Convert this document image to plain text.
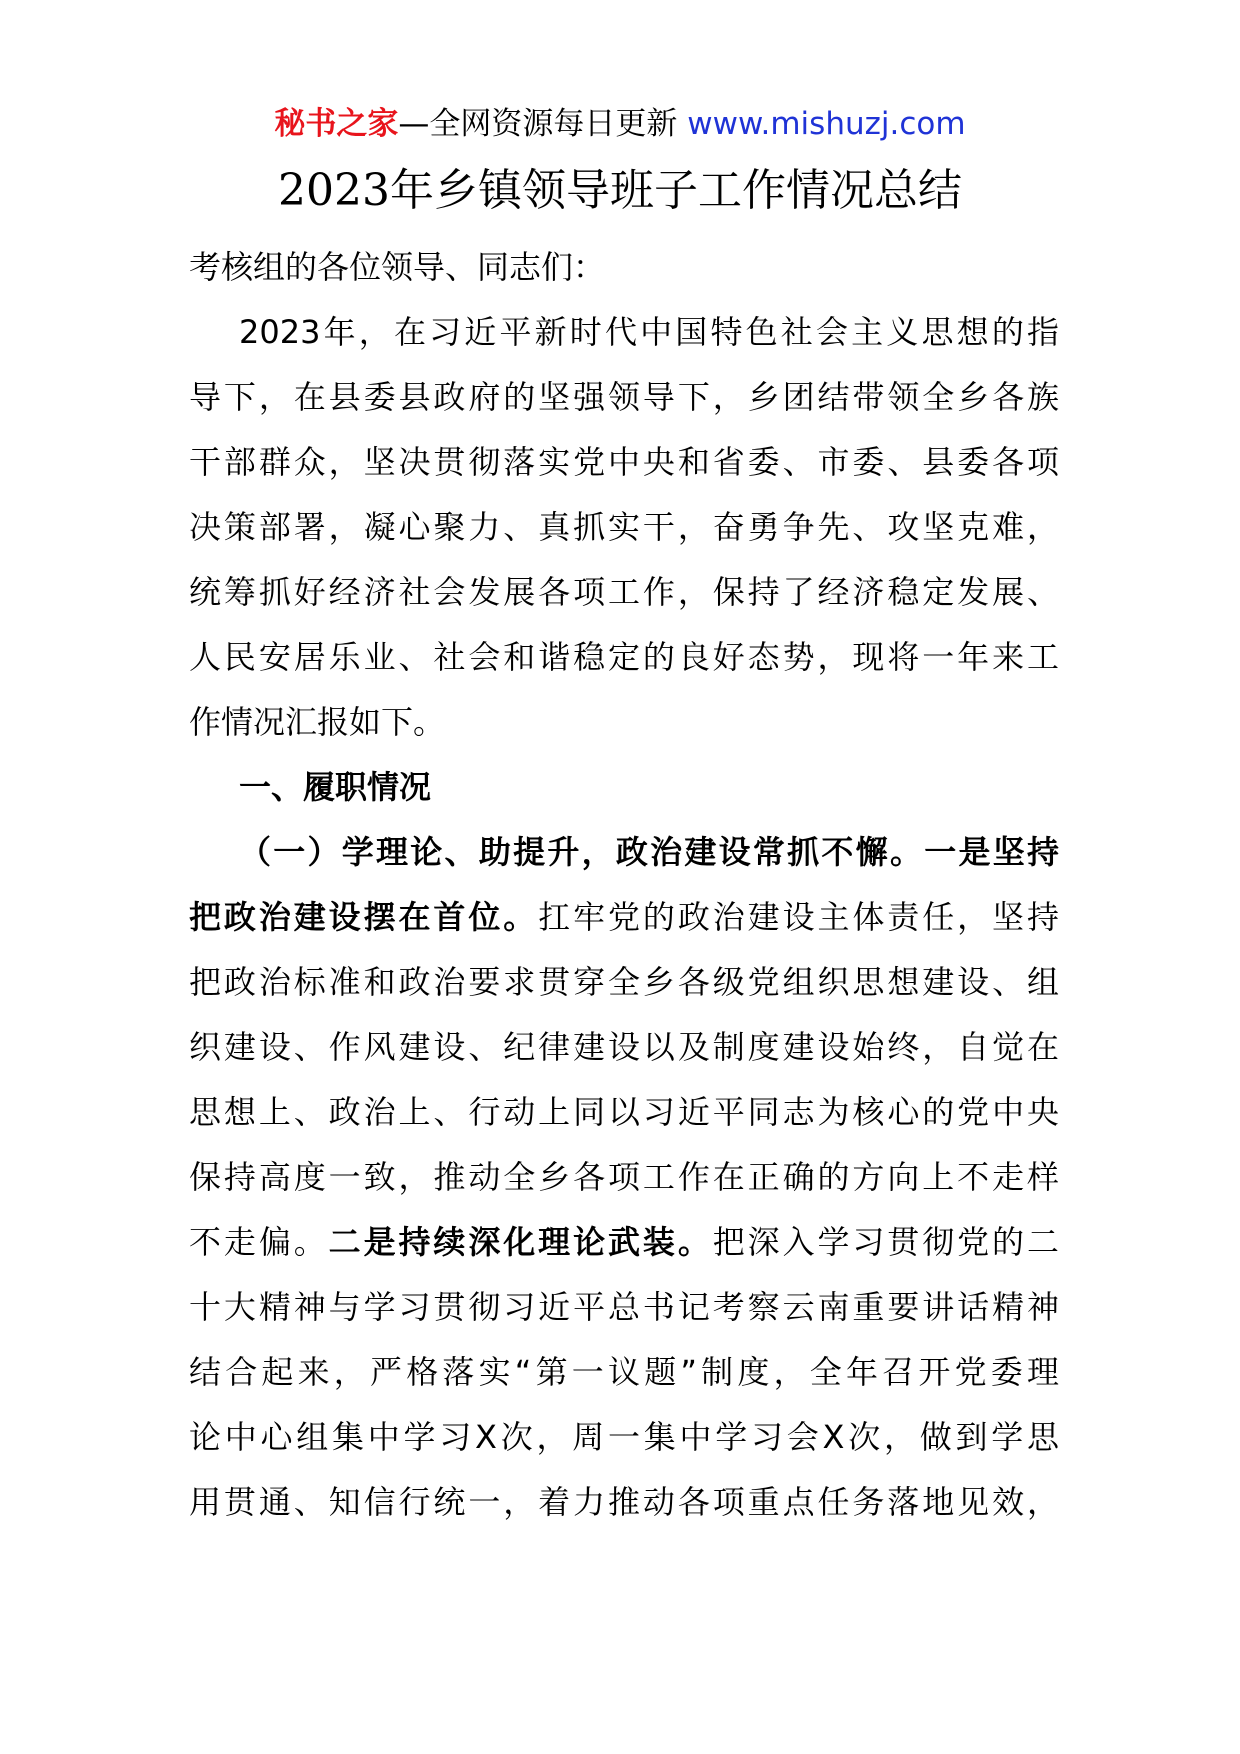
秘书之家—全网资源每日更新 www.mishuzj.com
2023年乡镇领导班子工作情况总结
考核组的各位领导、同志们：
2023年，在习近平新时代中国特色社会主义思想的指
导下，在县委县政府的坚强领导下，乡团结带领全乡各族
干部群众，坚决贯彻落实党中央和省委、市委、县委各项
决策部署，凝心聚力、真抓实干，奋勇争先、攻坚克难，
统筹抓好经济社会发展各项工作，保持了经济稳定发展、
人民安居乐业、社会和谐稳定的良好态势，现将一年来工
作情况汇报如下。
一、履职情况
（一）学理论、助提升，政治建设常抓不懈。一是坚持
把政治建设摆在首位。扛牢党的政治建设主体责任，坚持
把政治标准和政治要求贯穿全乡各级党组织思想建设、组
织建设、作风建设、纪律建设以及制度建设始终，自觉在
思想上、政治上、行动上同以习近平同志为核心的党中央
保持高度一致，推动全乡各项工作在正确的方向上不走样
不走偏。二是持续深化理论武装。把深入学习贯彻党的二
十大精神与学习贯彻习近平总书记考察云南重要讲话精神
结合起来，严格落实“第一议题”制度，全年召开党委理
论中心组集中学习X次，周一集中学习会X次，做到学思
用贯通、知信行统一，着力推动各项重点任务落地见效，
